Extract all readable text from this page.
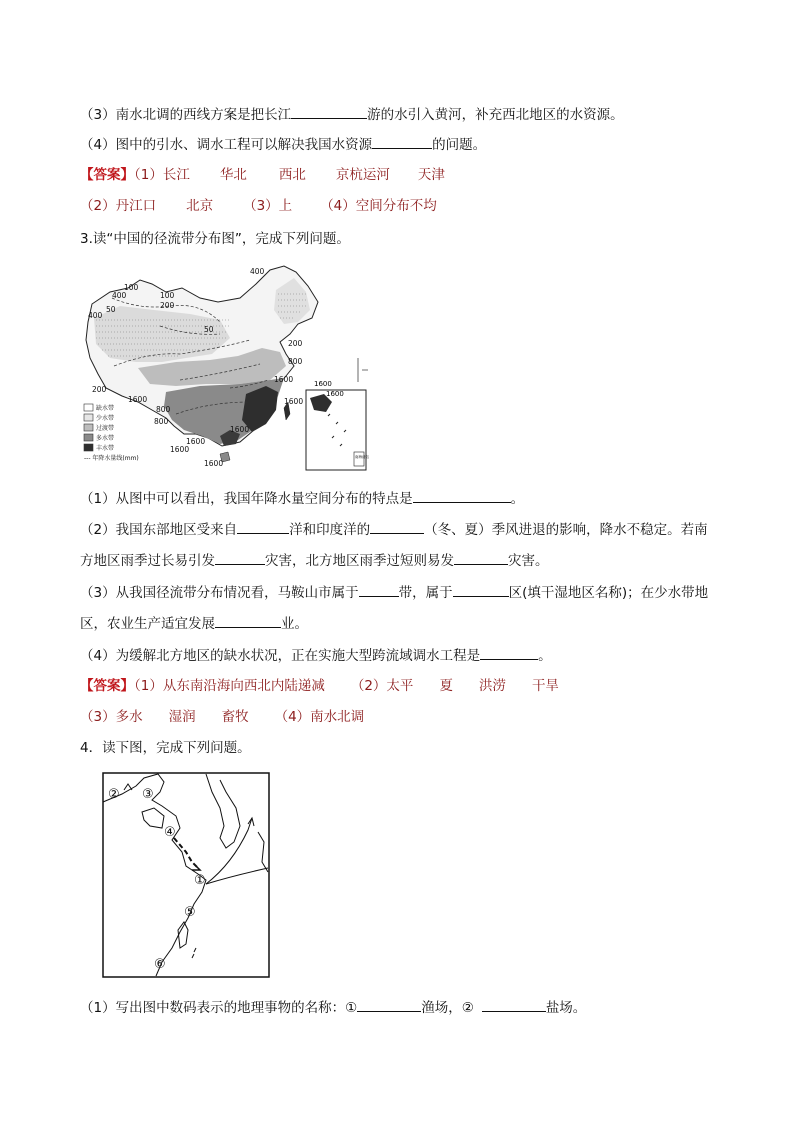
（3）南水北调的西线方案是把长江	游的水引入黄河，补充西北地区的水资源。
（4）图中的引水、调水工程可以解决我国水资源	的问题。
【答案】（1）长江 华北 西北 京杭运河 天津
（2）丹江口 北京 （3）上 （4）空间分布不均
3.读“中国的径流带分布图”，完成下列问题。
400
400	100
200
50
400
50
100
200
200
800
800
1600
800
1600
1600
1600
1600
1600
1600
缺水带
少水带
过渡带
多水带
丰水带
--- 年降水量线(mm)	南海诸岛
1600
1600
（1）从图中可以看出，我国年降水量空间分布的特点是	。
（2）我国东部地区受来自	洋和印度洋的	（冬、夏）季风进退的影响，降水不稳定。若南
方地区雨季过长易引发	灾害，北方地区雨季过短则易发	灾害。
（3）从我国径流带分布情况看，马鞍山市属于	带，属于	区(填干湿地区名称)；在少水带地
区，农业生产适宜发展	业。
（4）为缓解北方地区的缺水状况，正在实施大型跨流域调水工程是	。
【答案】（1）从东南沿海向西北内陆递减 （2）太平 夏 洪涝 干旱
（3）多水 湿润 畜牧 （4）南水北调
4．读下图，完成下列问题。
② ③
④
①
⑤
⑥
（1）写出图中数码表示的地理事物的名称：①	渔场，②	盐场。
